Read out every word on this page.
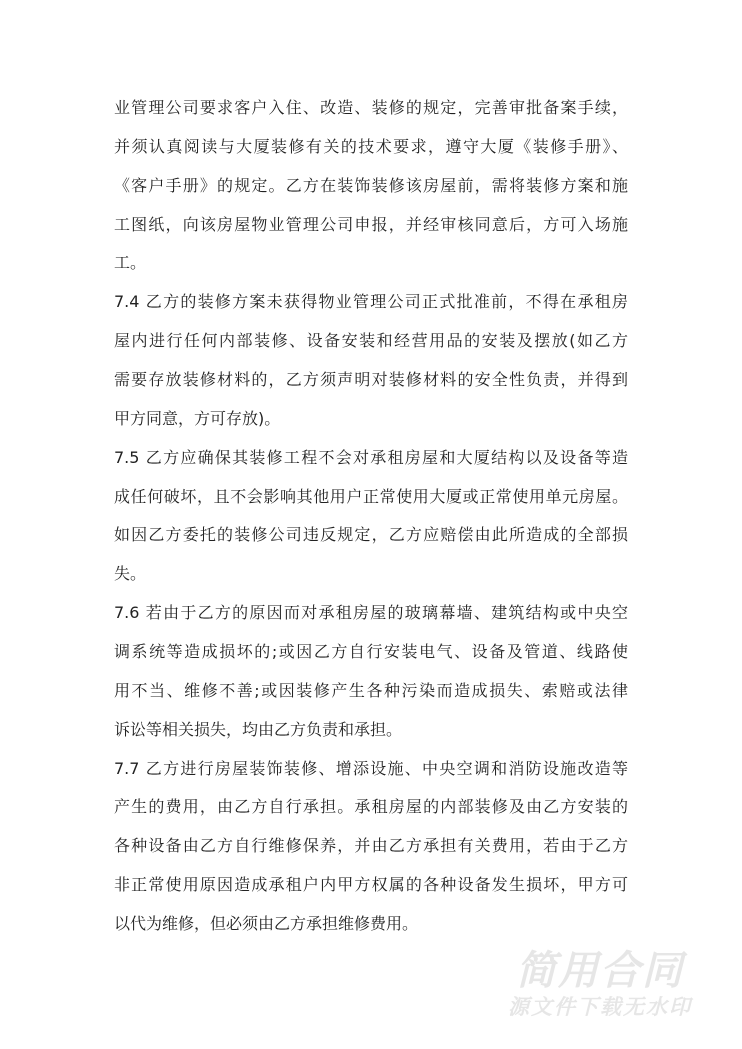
业管理公司要求客户入住、改造、装修的规定，完善审批备案手续，
并须认真阅读与大厦装修有关的技术要求，遵守大厦《装修手册》、
《客户手册》的规定。乙方在装饰装修该房屋前，需将装修方案和施
工图纸，向该房屋物业管理公司申报，并经审核同意后，方可入场施
工。
7.4 乙方的装修方案未获得物业管理公司正式批准前，不得在承租房
屋内进行任何内部装修、设备安装和经营用品的安装及摆放(如乙方
需要存放装修材料的，乙方须声明对装修材料的安全性负责，并得到
甲方同意，方可存放)。
7.5 乙方应确保其装修工程不会对承租房屋和大厦结构以及设备等造
成任何破坏，且不会影响其他用户正常使用大厦或正常使用单元房屋。
如因乙方委托的装修公司违反规定，乙方应赔偿由此所造成的全部损
失。
7.6 若由于乙方的原因而对承租房屋的玻璃幕墙、建筑结构或中央空
调系统等造成损坏的;或因乙方自行安装电气、设备及管道、线路使
用不当、维修不善;或因装修产生各种污染而造成损失、索赔或法律
诉讼等相关损失，均由乙方负责和承担。
7.7 乙方进行房屋装饰装修、增添设施、中央空调和消防设施改造等
产生的费用，由乙方自行承担。承租房屋的内部装修及由乙方安装的
各种设备由乙方自行维修保养，并由乙方承担有关费用，若由于乙方
非正常使用原因造成承租户内甲方权属的各种设备发生损坏，甲方可
以代为维修，但必须由乙方承担维修费用。
简用合同
源文件下载无水印
